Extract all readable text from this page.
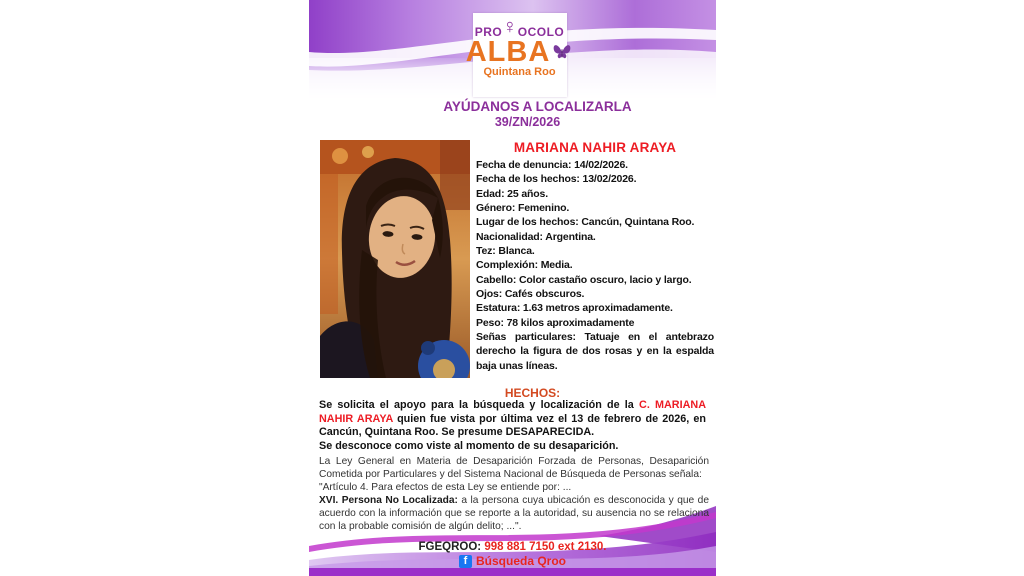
PRO ♀ OCOLO
ALBA
Quintana Roo
AYÚDANOS A LOCALIZARLA
39/ZN/2026
MARIANA NAHIR ARAYA
Fecha de denuncia: 14/02/2026.
Fecha de los hechos: 13/02/2026.
Edad: 25 años.
Género: Femenino.
Lugar de los hechos: Cancún, Quintana Roo.
Nacionalidad: Argentina.
Tez: Blanca.
Complexión: Media.
Cabello: Color castaño oscuro, lacio y largo.
Ojos: Cafés obscuros.
Estatura: 1.63 metros aproximadamente.
Peso: 78 kilos aproximadamente
Señas particulares: Tatuaje en el antebrazo derecho la figura de dos rosas y en la espalda baja unas líneas.
HECHOS:

Se solicita el apoyo para la búsqueda y localización de la C. MARIANA NAHIR ARAYA quien fue vista por última vez el 13 de febrero de 2026, en Cancún, Quintana Roo. Se presume DESAPARECIDA.

Se desconoce como viste al momento de su desaparición.

La Ley General en Materia de Desaparición Forzada de Personas, Desaparición Cometida por Particulares y del Sistema Nacional de Búsqueda de Personas señala:

"Artículo 4. Para efectos de esta Ley se entiende por: ...

XVI. Persona No Localizada: a la persona cuya ubicación es desconocida y que de acuerdo con la información que se reporte a la autoridad, su ausencia no se relaciona con la probable comisión de algún delito; ...".

FGEQROO: 998 881 7150 ext 2130.
f Búsqueda Qroo
